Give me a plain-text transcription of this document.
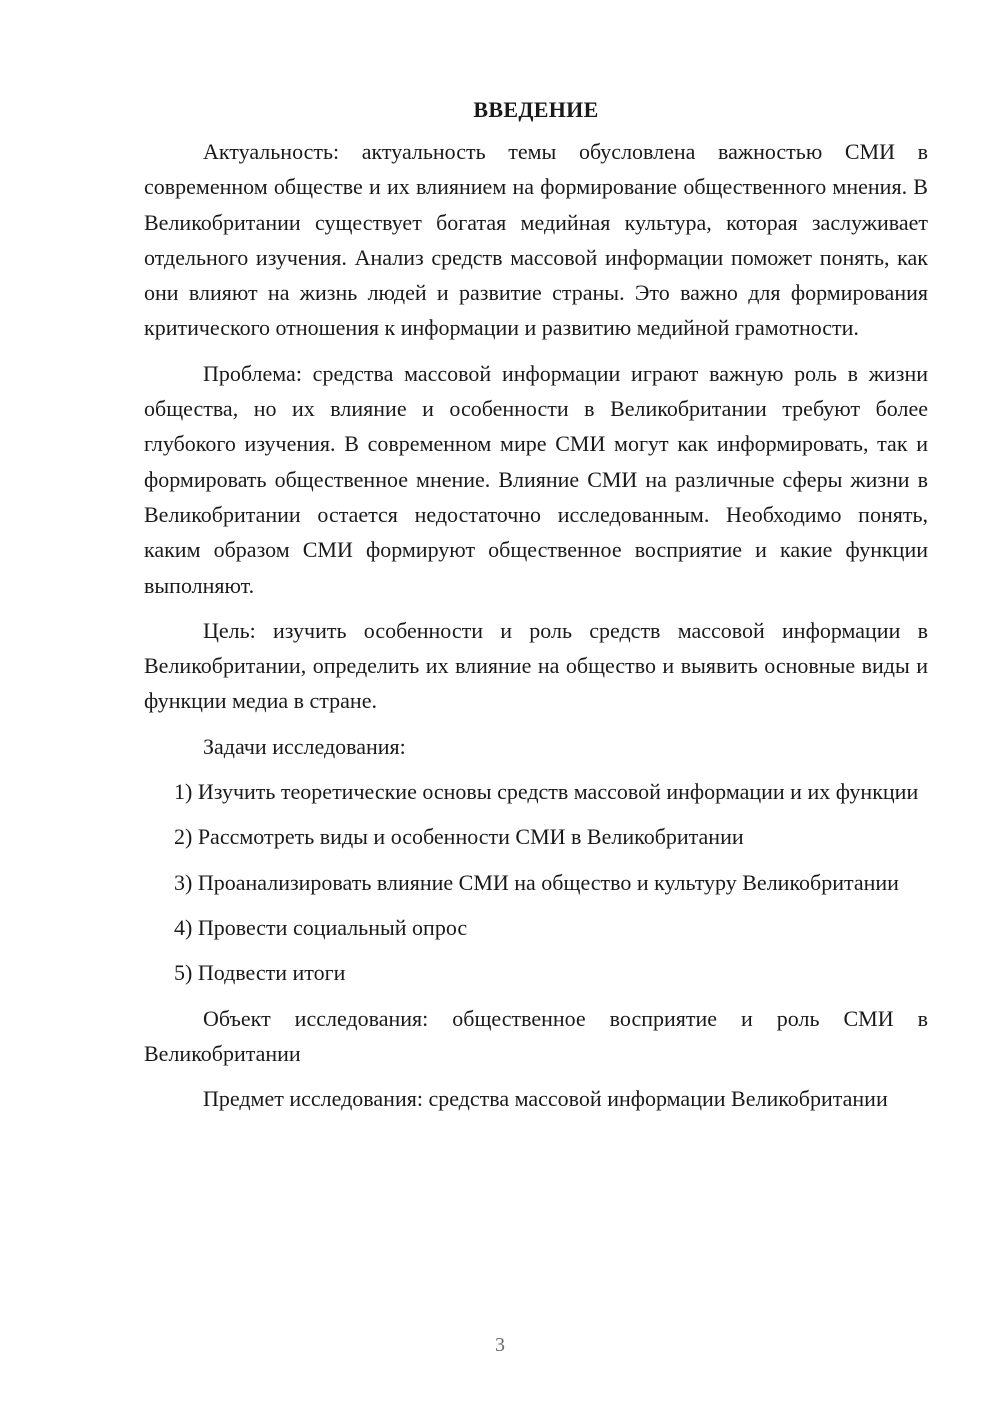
ВВЕДЕНИЕ

Актуальность: актуальность темы обусловлена важностью СМИ в современном обществе и их влиянием на формирование общественного мнения. В Великобритании существует богатая медийная культура, которая заслуживает отдельного изучения. Анализ средств массовой информации поможет понять, как они влияют на жизнь людей и развитие страны. Это важно для формирования критического отношения к информации и развитию медийной грамотности.

Проблема: средства массовой информации играют важную роль в жизни общества, но их влияние и особенности в Великобритании требуют более глубокого изучения. В современном мире СМИ могут как информировать, так и формировать общественное мнение. Влияние СМИ на различные сферы жизни в Великобритании остается недостаточно исследованным. Необходимо понять, каким образом СМИ формируют общественное восприятие и какие функции выполняют.

Цель: изучить особенности и роль средств массовой информации в Великобритании, определить их влияние на общество и выявить основные виды и функции медиа в стране.

Задачи исследования:

1) Изучить теоретические основы средств массовой информации и их функции

2) Рассмотреть виды и особенности СМИ в Великобритании

3) Проанализировать влияние СМИ на общество и культуру Великобритании

4) Провести социальный опрос

5) Подвести итоги

Объект исследования: общественное восприятие и роль СМИ в Великобритании

Предмет исследования: средства массовой информации Великобритании

3
